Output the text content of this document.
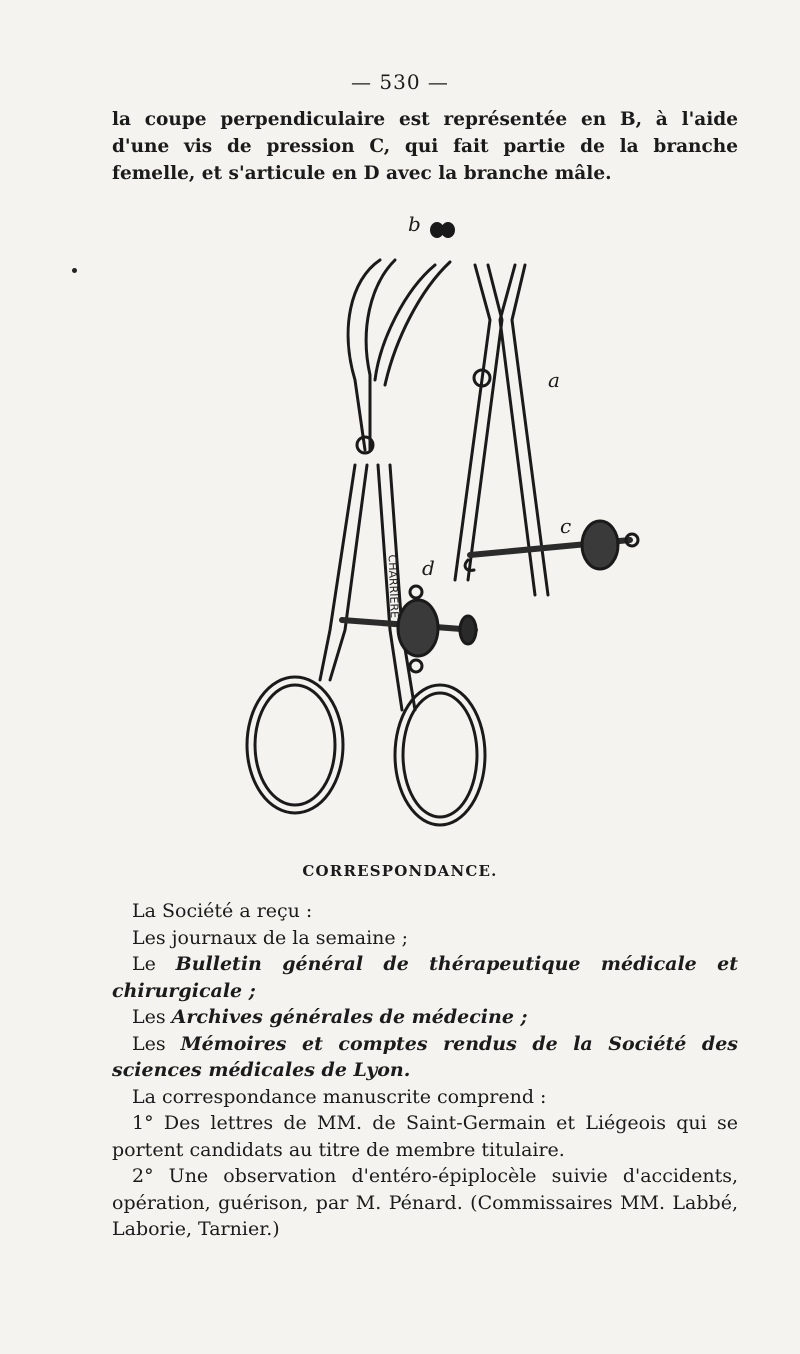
— 530 —
la coupe perpendiculaire est représentée en B, à l'aide d'une vis de pression C, qui fait partie de la branche femelle, et s'articule en D avec la branche mâle.
CHARRIERE
b
a
c
d
CORRESPONDANCE.

La Société a reçu :

Les journaux de la semaine ;

Le Bulletin général de thérapeutique médicale et chirurgicale ;

Les Archives générales de médecine ;

Les Mémoires et comptes rendus de la Société des sciences médicales de Lyon.

La correspondance manuscrite comprend :

1° Des lettres de MM. de Saint-Germain et Liégeois qui se portent candidats au titre de membre titulaire.

2° Une observation d'entéro-épiplocèle suivie d'accidents, opération, guérison, par M. Pénard. (Commissaires MM. Labbé, Laborie, Tarnier.)
